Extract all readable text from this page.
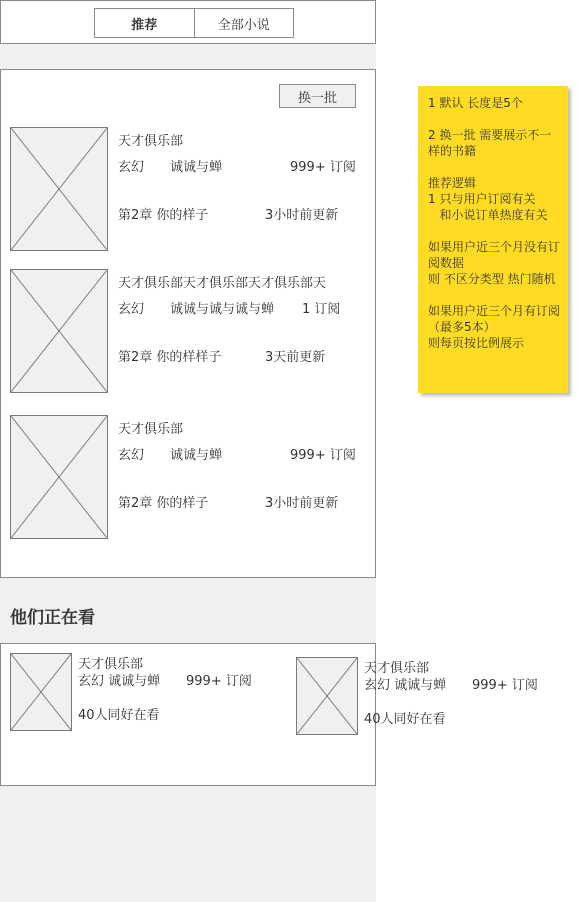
推荐	全部小说
换一批
天才俱乐部
玄幻 诚诚与蝉	999+ 订阅
第2章 你的样子	3小时前更新
天才俱乐部天才俱乐部天才俱乐部天
玄幻 诚诚与诚与诚与蝉 1 订阅
第2章 你的样样子	3天前更新
天才俱乐部
玄幻 诚诚与蝉	999+ 订阅
第2章 你的样子	3小时前更新
他们正在看
天才俱乐部
玄幻 诚诚与蝉 999+ 订阅
40人同好在看
天才俱乐部
玄幻 诚诚与蝉 999+ 订阅
40人同好在看

1 默认 长度是5个

2 换一批 需要展示不一样的书籍

推荐逻辑
1 只与用户订阅有关
和小说订单热度有关

如果用户近三个月没有订阅数据
则 不区分类型 热门随机

如果用户近三个月有订阅（最多5本）
则每页按比例展示
